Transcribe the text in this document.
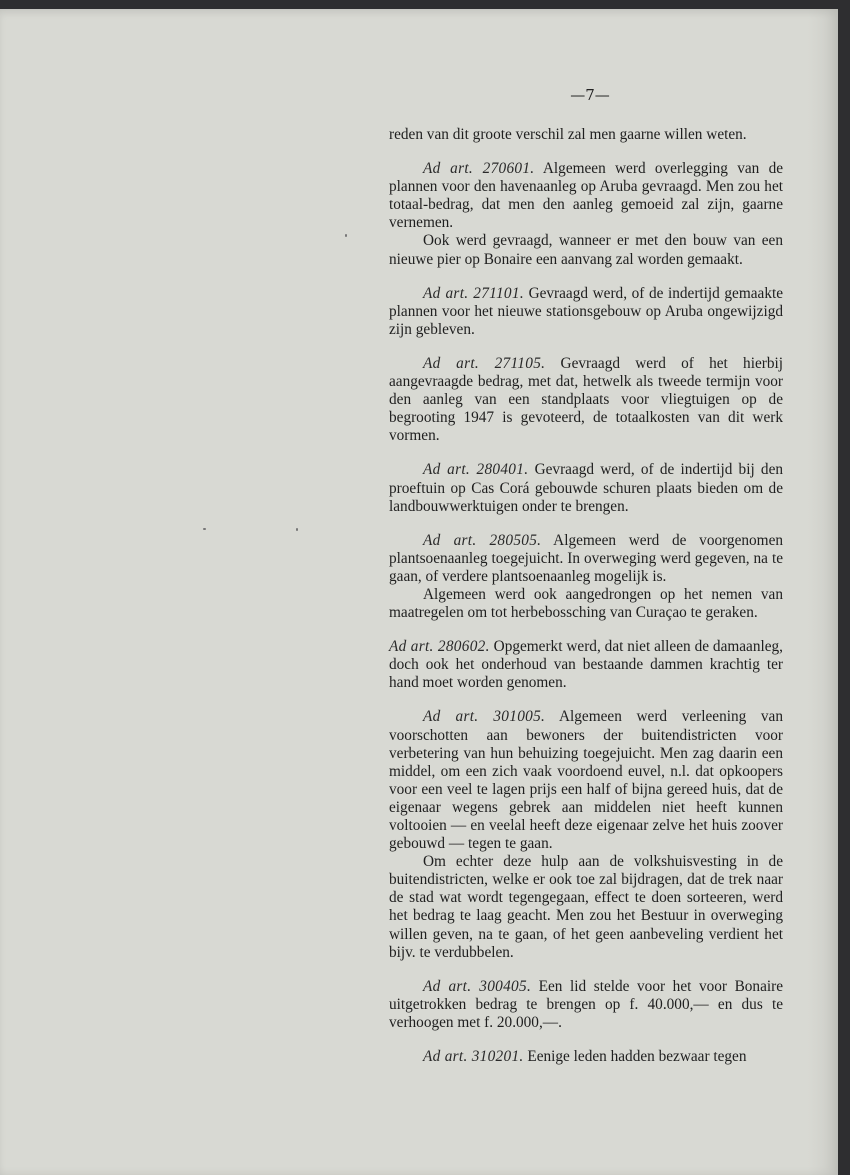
—7—

reden van dit groote verschil zal men gaarne willen weten.

Ad art. 270601. Algemeen werd overlegging van de plannen voor den havenaanleg op Aruba gevraagd. Men zou het totaal-bedrag, dat men den aanleg gemoeid zal zijn, gaarne vernemen.

Ook werd gevraagd, wanneer er met den bouw van een nieuwe pier op Bonaire een aanvang zal worden gemaakt.

Ad art. 271101. Gevraagd werd, of de indertijd gemaakte plannen voor het nieuwe stationsgebouw op Aruba ongewijzigd zijn gebleven.

Ad art. 271105. Gevraagd werd of het hierbij aangevraagde bedrag, met dat, hetwelk als tweede termijn voor den aanleg van een standplaats voor vliegtuigen op de begrooting 1947 is gevoteerd, de totaalkosten van dit werk vormen.

Ad art. 280401. Gevraagd werd, of de indertijd bij den proeftuin op Cas Corá gebouwde schuren plaats bieden om de landbouwwerktuigen onder te brengen.

Ad art. 280505. Algemeen werd de voorgenomen plantsoenaanleg toegejuicht. In overweging werd gegeven, na te gaan, of verdere plantsoenaanleg mogelijk is.

Algemeen werd ook aangedrongen op het nemen van maatregelen om tot herbebossching van Curaçao te geraken.

Ad art. 280602. Opgemerkt werd, dat niet alleen de damaanleg, doch ook het onderhoud van bestaande dammen krachtig ter hand moet worden genomen.

Ad art. 301005. Algemeen werd verleening van voorschotten aan bewoners der buitendistricten voor verbetering van hun behuizing toegejuicht. Men zag daarin een middel, om een zich vaak voordoend euvel, n.l. dat opkoopers voor een veel te lagen prijs een half of bijna gereed huis, dat de eigenaar wegens gebrek aan middelen niet heeft kunnen voltooien — en veelal heeft deze eigenaar zelve het huis zoover gebouwd — tegen te gaan.

Om echter deze hulp aan de volkshuisvesting in de buitendistricten, welke er ook toe zal bijdragen, dat de trek naar de stad wat wordt tegengegaan, effect te doen sorteeren, werd het bedrag te laag geacht. Men zou het Bestuur in overweging willen geven, na te gaan, of het geen aanbeveling verdient het bijv. te verdubbelen.

Ad art. 300405. Een lid stelde voor het voor Bonaire uitgetrokken bedrag te brengen op f. 40.000,— en dus te verhoogen met f. 20.000,—.

Ad art. 310201. Eenige leden hadden bezwaar tegen
